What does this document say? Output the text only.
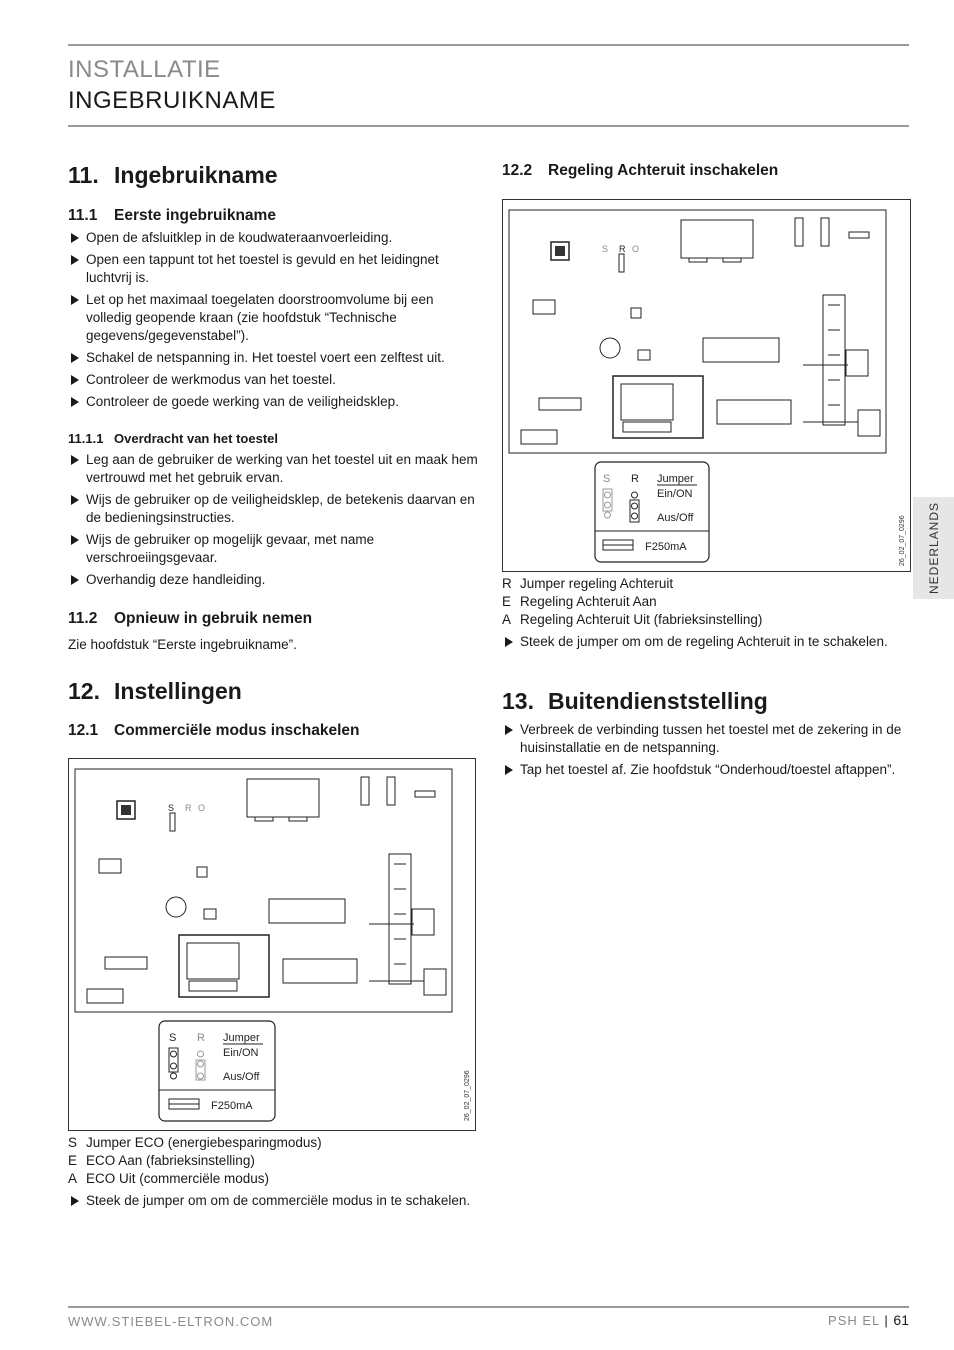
INSTALLATIE
INGEBRUIKNAME
NEDERLANDS
11. Ingebruikname
11.1 Eerste ingebruikname
Open de afsluitklep in de koudwateraanvoerleiding.
Open een tappunt tot het toestel is gevuld en het leidingnet luchtvrij is.
Let op het maximaal toegelaten doorstroomvolume bij een volledig geopende kraan (zie hoofdstuk “Technische gegevens/gegevenstabel”).
Schakel de netspanning in. Het toestel voert een zelftest uit.
Controleer de werkmodus van het toestel.
Controleer de goede werking van de veiligheidsklep.
11.1.1 Overdracht van het toestel
Leg aan de gebruiker de werking van het toestel uit en maak hem vertrouwd met het gebruik ervan.
Wijs de gebruiker op de veiligheidsklep, de betekenis daarvan en de bedieningsinstructies.
Wijs de gebruiker op mogelijk gevaar, met name verschroeiingsgevaar.
Overhandig deze handleiding.
11.2 Opnieuw in gebruik nemen

Zie hoofdstuk “Eerste ingebruikname”.

12. Instellingen
12.1 Commerciële modus inschakelen
S R O
S R Jumper
Ein/ON
Aus/Off
F250mA	26_02_07_0296
S Jumper ECO (energiebesparingmodus)
E ECO Aan (fabrieksinstelling)
A ECO Uit (commerciële modus)
Steek de jumper om om de commerciële modus in te schakelen.
12.2 Regeling Achteruit inschakelen
S R O
S R Jumper
Ein/ON
Aus/Off
F250mA	26_02_07_0296
R Jumper regeling Achteruit
E Regeling Achteruit Aan
A Regeling Achteruit Uit (fabrieksinstelling)
Steek de jumper om om de regeling Achteruit in te schakelen.
13. Buitendienststelling
Verbreek de verbinding tussen het toestel met de zekering in de huisinstallatie en de netspanning.
Tap het toestel af. Zie hoofdstuk “Onderhoud/toestel aftappen”.
WWW.STIEBEL-ELTRON.COM	PSH EL | 61
